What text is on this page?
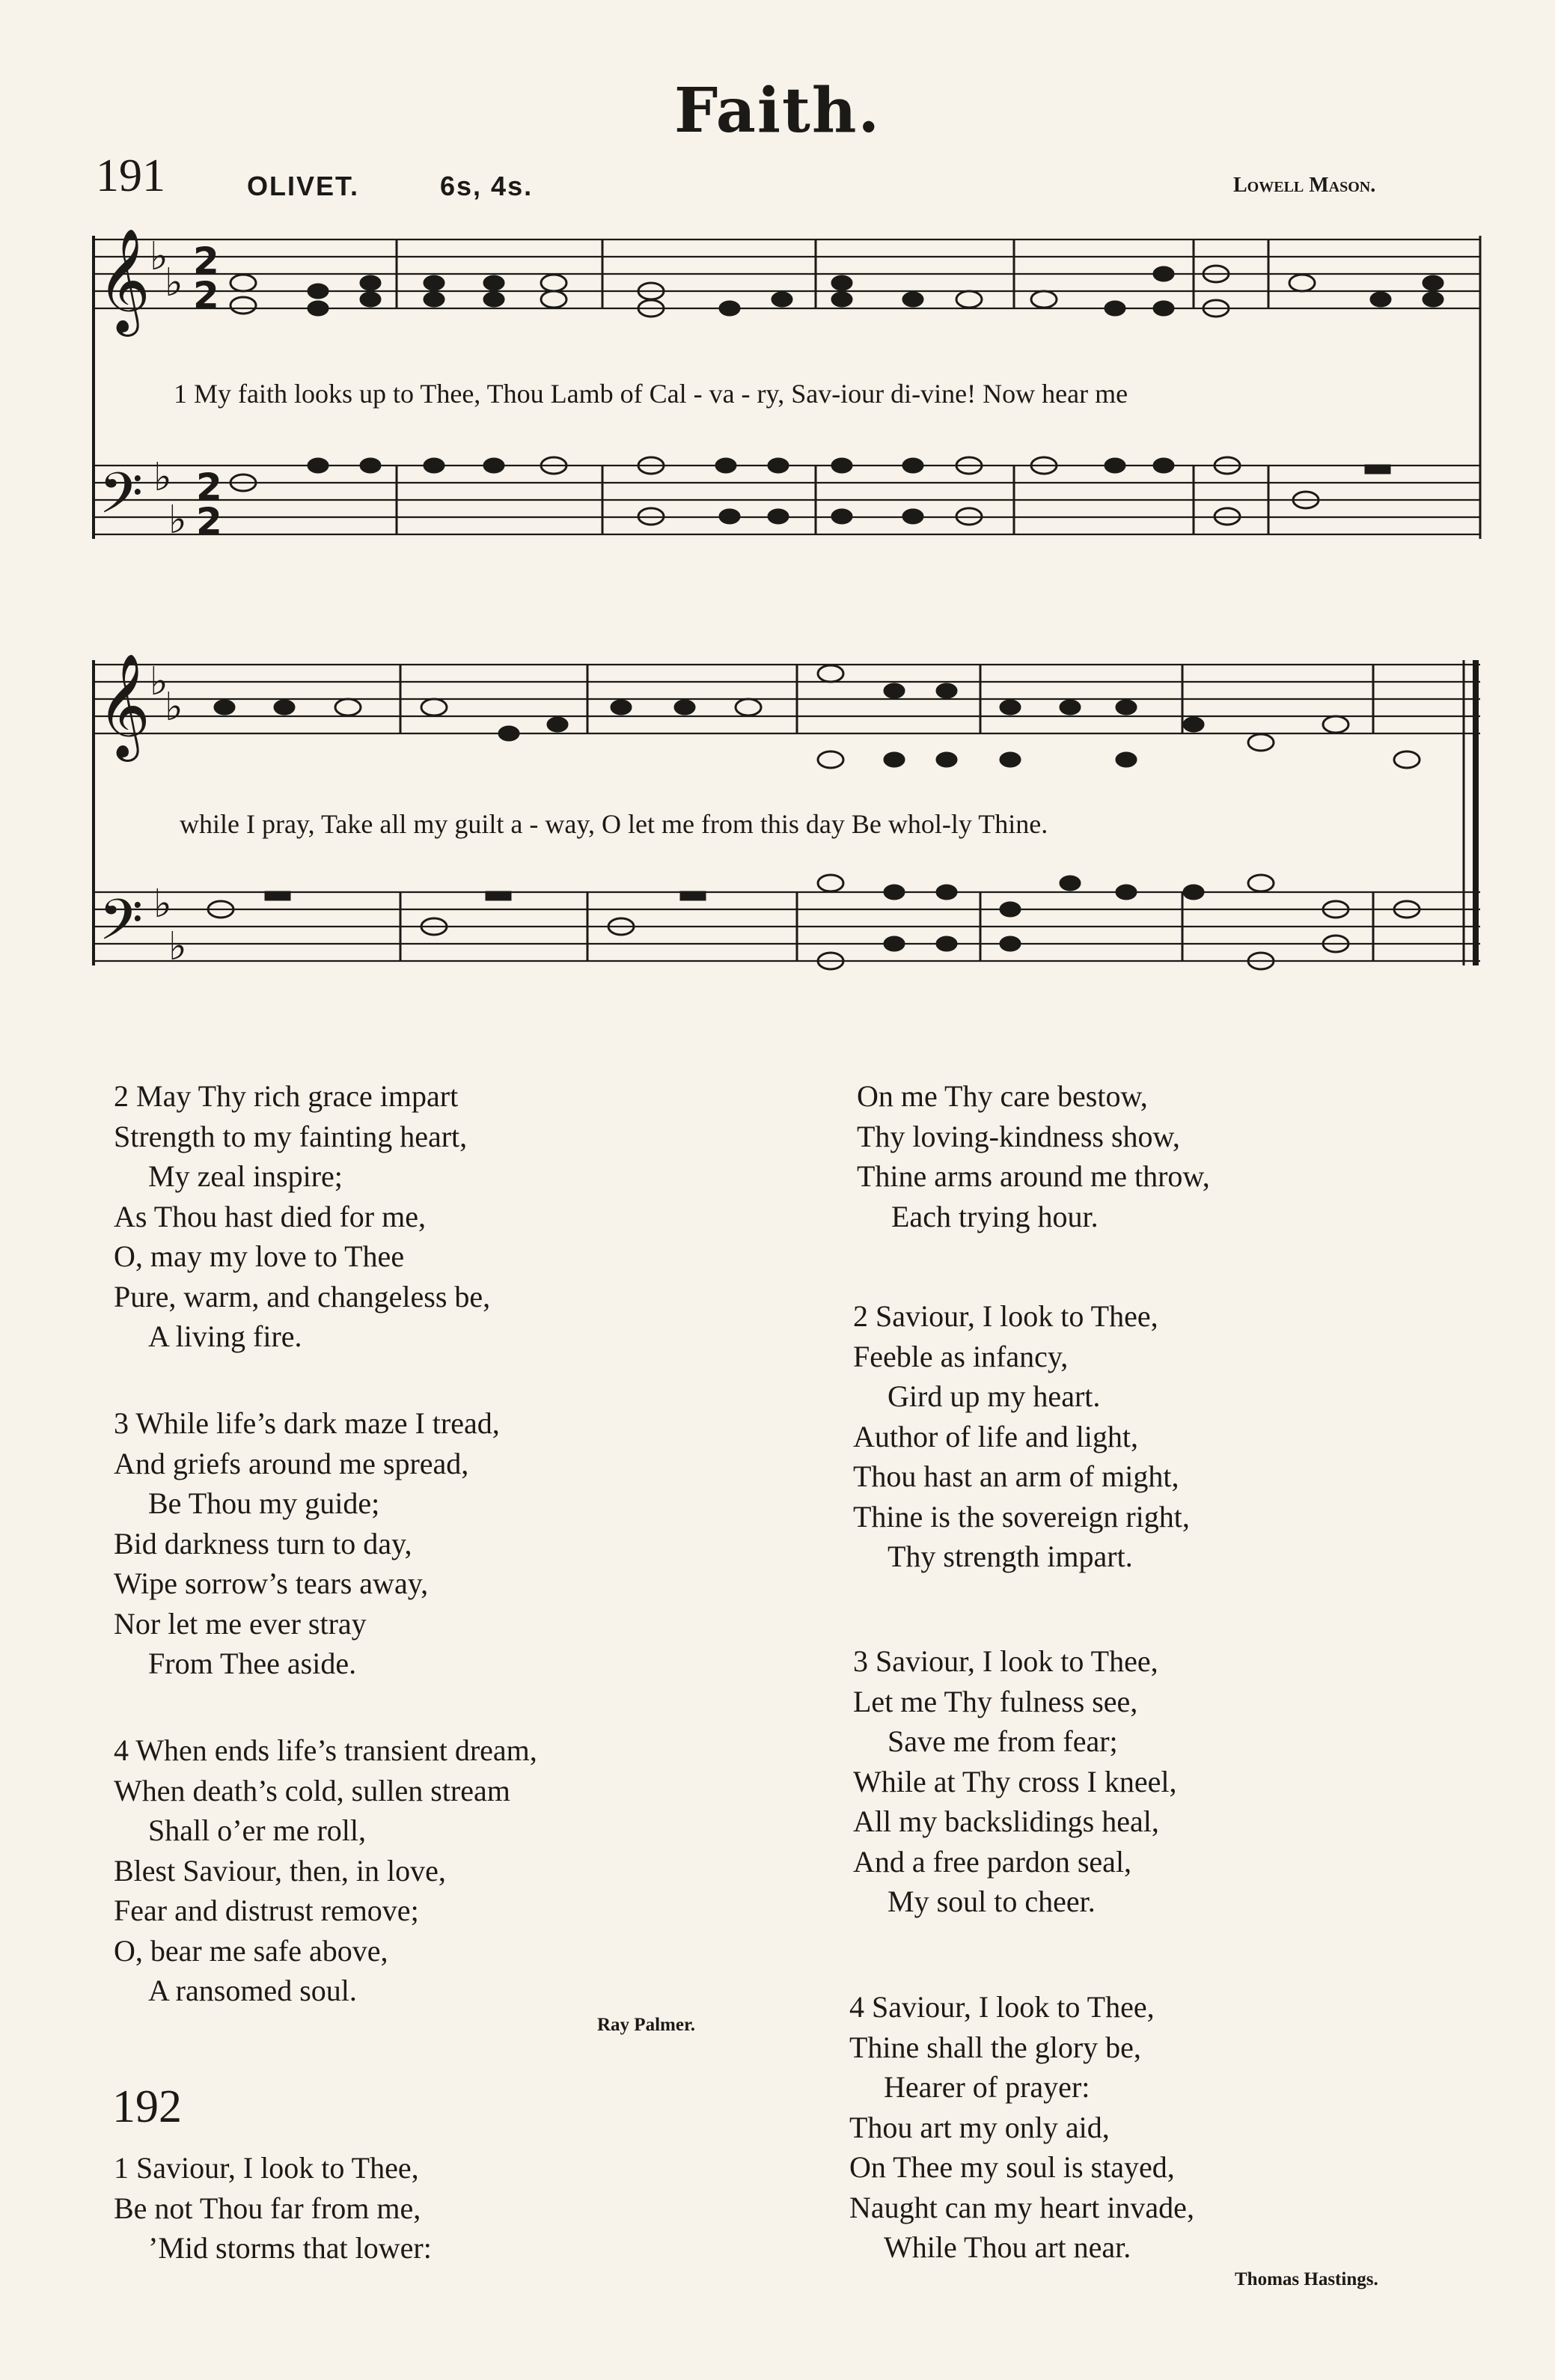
Faith.
191	OLIVET.	6s, 4s.	Lowell Mason.
𝄞
𝄢
𝄞
𝄢
♭
♭
♭
♭
♭
♭
♭
♭
2
2
2
2
1 My faith looks up to Thee, Thou Lamb of Cal - va - ry, Sav-iour di-vine! Now hear me
while I pray, Take all my guilt a - way, O let me from this day Be whol-ly Thine.
2 May Thy rich grace impart
Strength to my fainting heart,
My zeal inspire;
As Thou hast died for me,
O, may my love to Thee
Pure, warm, and changeless be,
A living fire.
3 While life’s dark maze I tread,
And griefs around me spread,
Be Thou my guide;
Bid darkness turn to day,
Wipe sorrow’s tears away,
Nor let me ever stray
From Thee aside.
4 When ends life’s transient dream,
When death’s cold, sullen stream
Shall o’er me roll,
Blest Saviour, then, in love,
Fear and distrust remove;
O, bear me safe above,
A ransomed soul.
Ray Palmer.
192
1 Saviour, I look to Thee,
Be not Thou far from me,
’Mid storms that lower:
On me Thy care bestow,
Thy loving-kindness show,
Thine arms around me throw,
Each trying hour.
2 Saviour, I look to Thee,
Feeble as infancy,
Gird up my heart.
Author of life and light,
Thou hast an arm of might,
Thine is the sovereign right,
Thy strength impart.
3 Saviour, I look to Thee,
Let me Thy fulness see,
Save me from fear;
While at Thy cross I kneel,
All my backslidings heal,
And a free pardon seal,
My soul to cheer.
4 Saviour, I look to Thee,
Thine shall the glory be,
Hearer of prayer:
Thou art my only aid,
On Thee my soul is stayed,
Naught can my heart invade,
While Thou art near.
Thomas Hastings.
